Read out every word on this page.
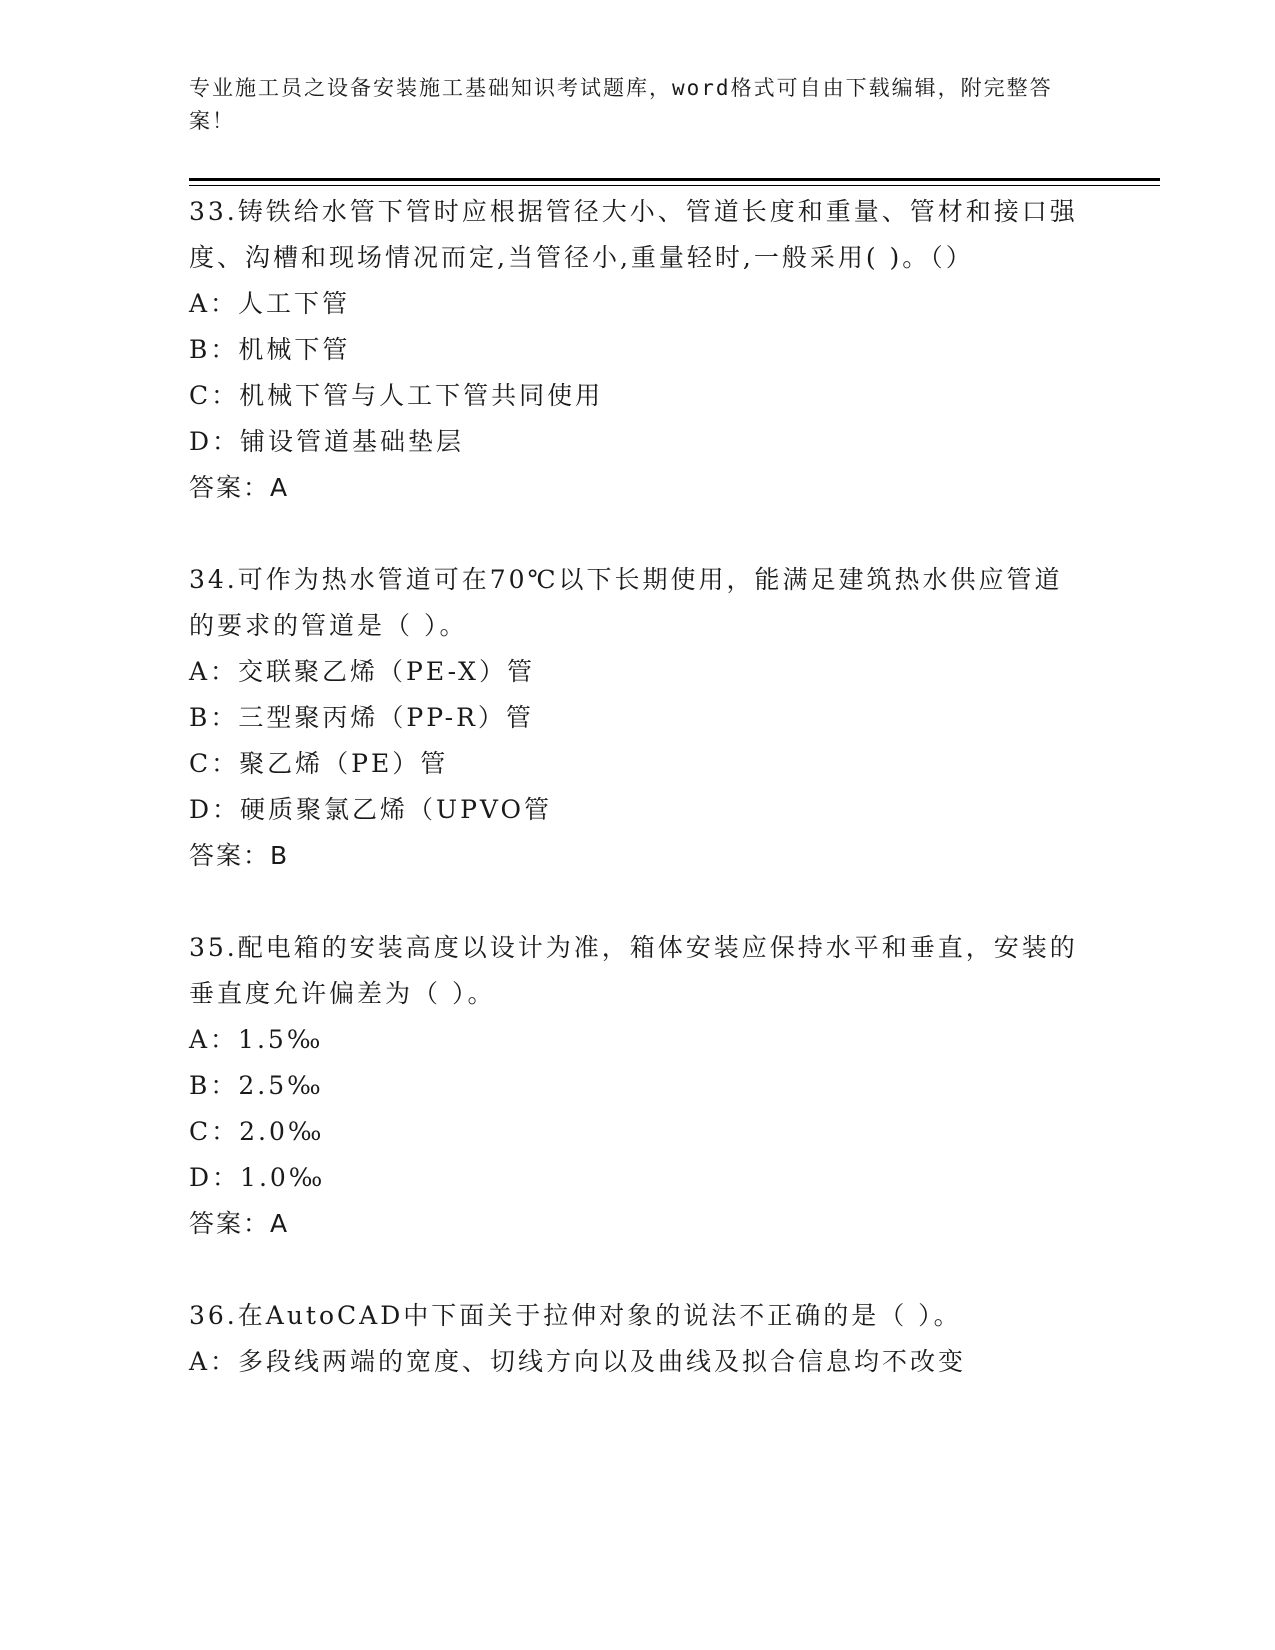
专业施工员之设备安装施工基础知识考试题库，word格式可自由下载编辑，附完整答案！

33.铸铁给水管下管时应根据管径大小、管道长度和重量、管材和接口强度、沟槽和现场情况而定,当管径小,重量轻时,一般采用( )。（）

A：人工下管

B：机械下管

C：机械下管与人工下管共同使用

D：铺设管道基础垫层

答案：A

34.可作为热水管道可在70℃以下长期使用，能满足建筑热水供应管道的要求的管道是（ ）。

A：交联聚乙烯（PE-X）管

B：三型聚丙烯（PP-R）管

C：聚乙烯（PE）管

D：硬质聚氯乙烯（UPVO管

答案：B

35.配电箱的安装高度以设计为准，箱体安装应保持水平和垂直，安装的垂直度允许偏差为（ ）。

A：1.5‰

B：2.5‰

C：2.0‰

D：1.0‰

答案：A

36.在AutoCAD中下面关于拉伸对象的说法不正确的是（ ）。

A：多段线两端的宽度、切线方向以及曲线及拟合信息均不改变
